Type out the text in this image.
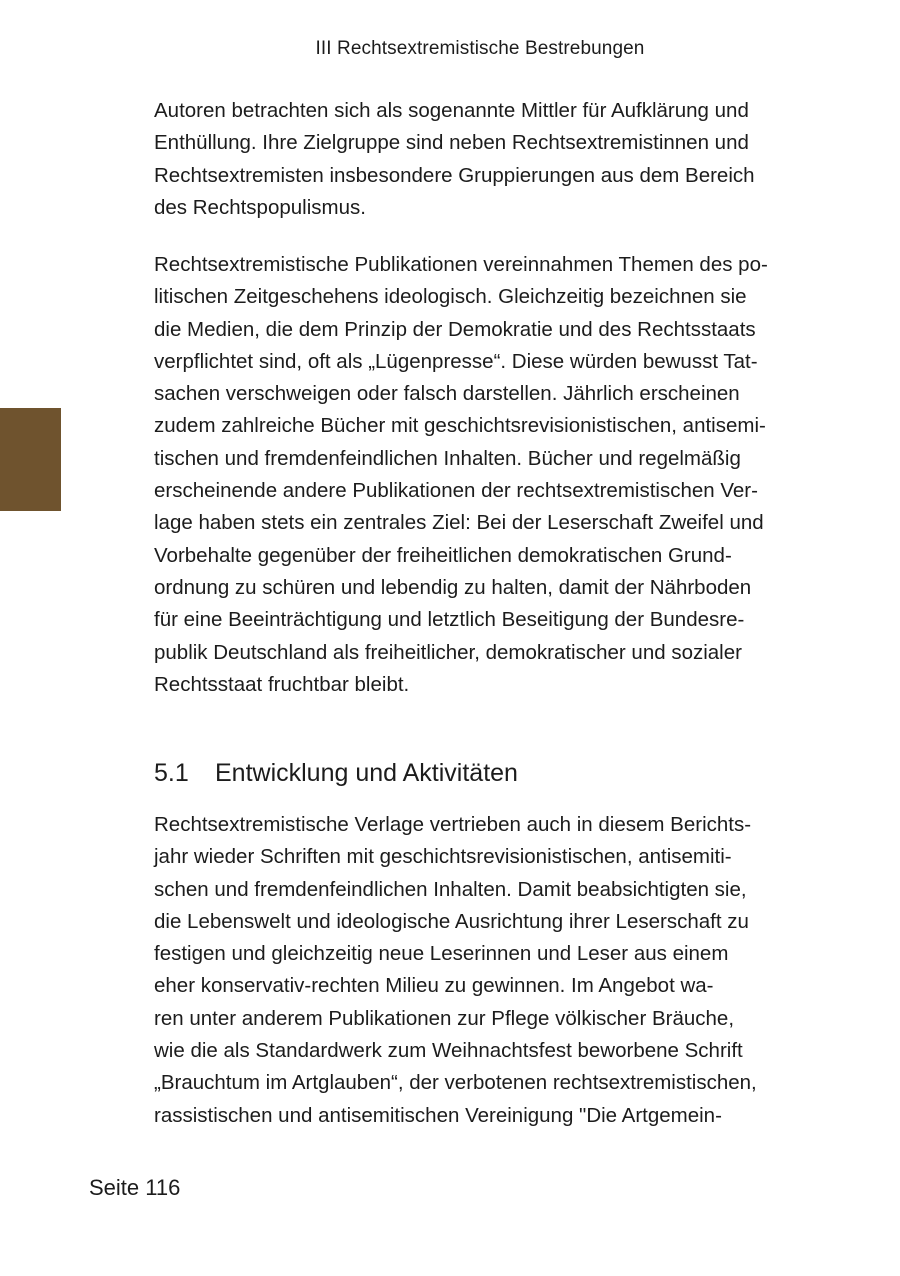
III Rechtsextremistische Bestrebungen
Autoren betrachten sich als sogenannte Mittler für Aufklärung und
Enthüllung. Ihre Zielgruppe sind neben Rechtsextremistinnen und
Rechtsextremisten insbesondere Gruppierungen aus dem Bereich
des Rechtspopulismus.
Rechtsextremistische Publikationen vereinnahmen Themen des po-
litischen Zeitgeschehens ideologisch. Gleichzeitig bezeichnen sie
die Medien, die dem Prinzip der Demokratie und des Rechtsstaats
verpflichtet sind, oft als „Lügenpresse“. Diese würden bewusst Tat-
sachen verschweigen oder falsch darstellen. Jährlich erscheinen
zudem zahlreiche Bücher mit geschichtsrevisionistischen, antisemi-
tischen und fremdenfeindlichen Inhalten. Bücher und regelmäßig
erscheinende andere Publikationen der rechtsextremistischen Ver-
lage haben stets ein zentrales Ziel: Bei der Leserschaft Zweifel und
Vorbehalte gegenüber der freiheitlichen demokratischen Grund-
ordnung zu schüren und lebendig zu halten, damit der Nährboden
für eine Beeinträchtigung und letztlich Beseitigung der Bundesre-
publik Deutschland als freiheitlicher, demokratischer und sozialer
Rechtsstaat fruchtbar bleibt.
5.1 Entwicklung und Aktivitäten
Rechtsextremistische Verlage vertrieben auch in diesem Berichts-
jahr wieder Schriften mit geschichtsrevisionistischen, antisemiti-
schen und fremdenfeindlichen Inhalten. Damit beabsichtigten sie,
die Lebenswelt und ideologische Ausrichtung ihrer Leserschaft zu
festigen und gleichzeitig neue Leserinnen und Leser aus einem
eher konservativ-rechten Milieu zu gewinnen. Im Angebot wa-
ren unter anderem Publikationen zur Pflege völkischer Bräuche,
wie die als Standardwerk zum Weihnachtsfest beworbene Schrift
„Brauchtum im Artglauben“, der verbotenen rechtsextremistischen,
rassistischen und antisemitischen Vereinigung "Die Artgemein-
Seite 116
